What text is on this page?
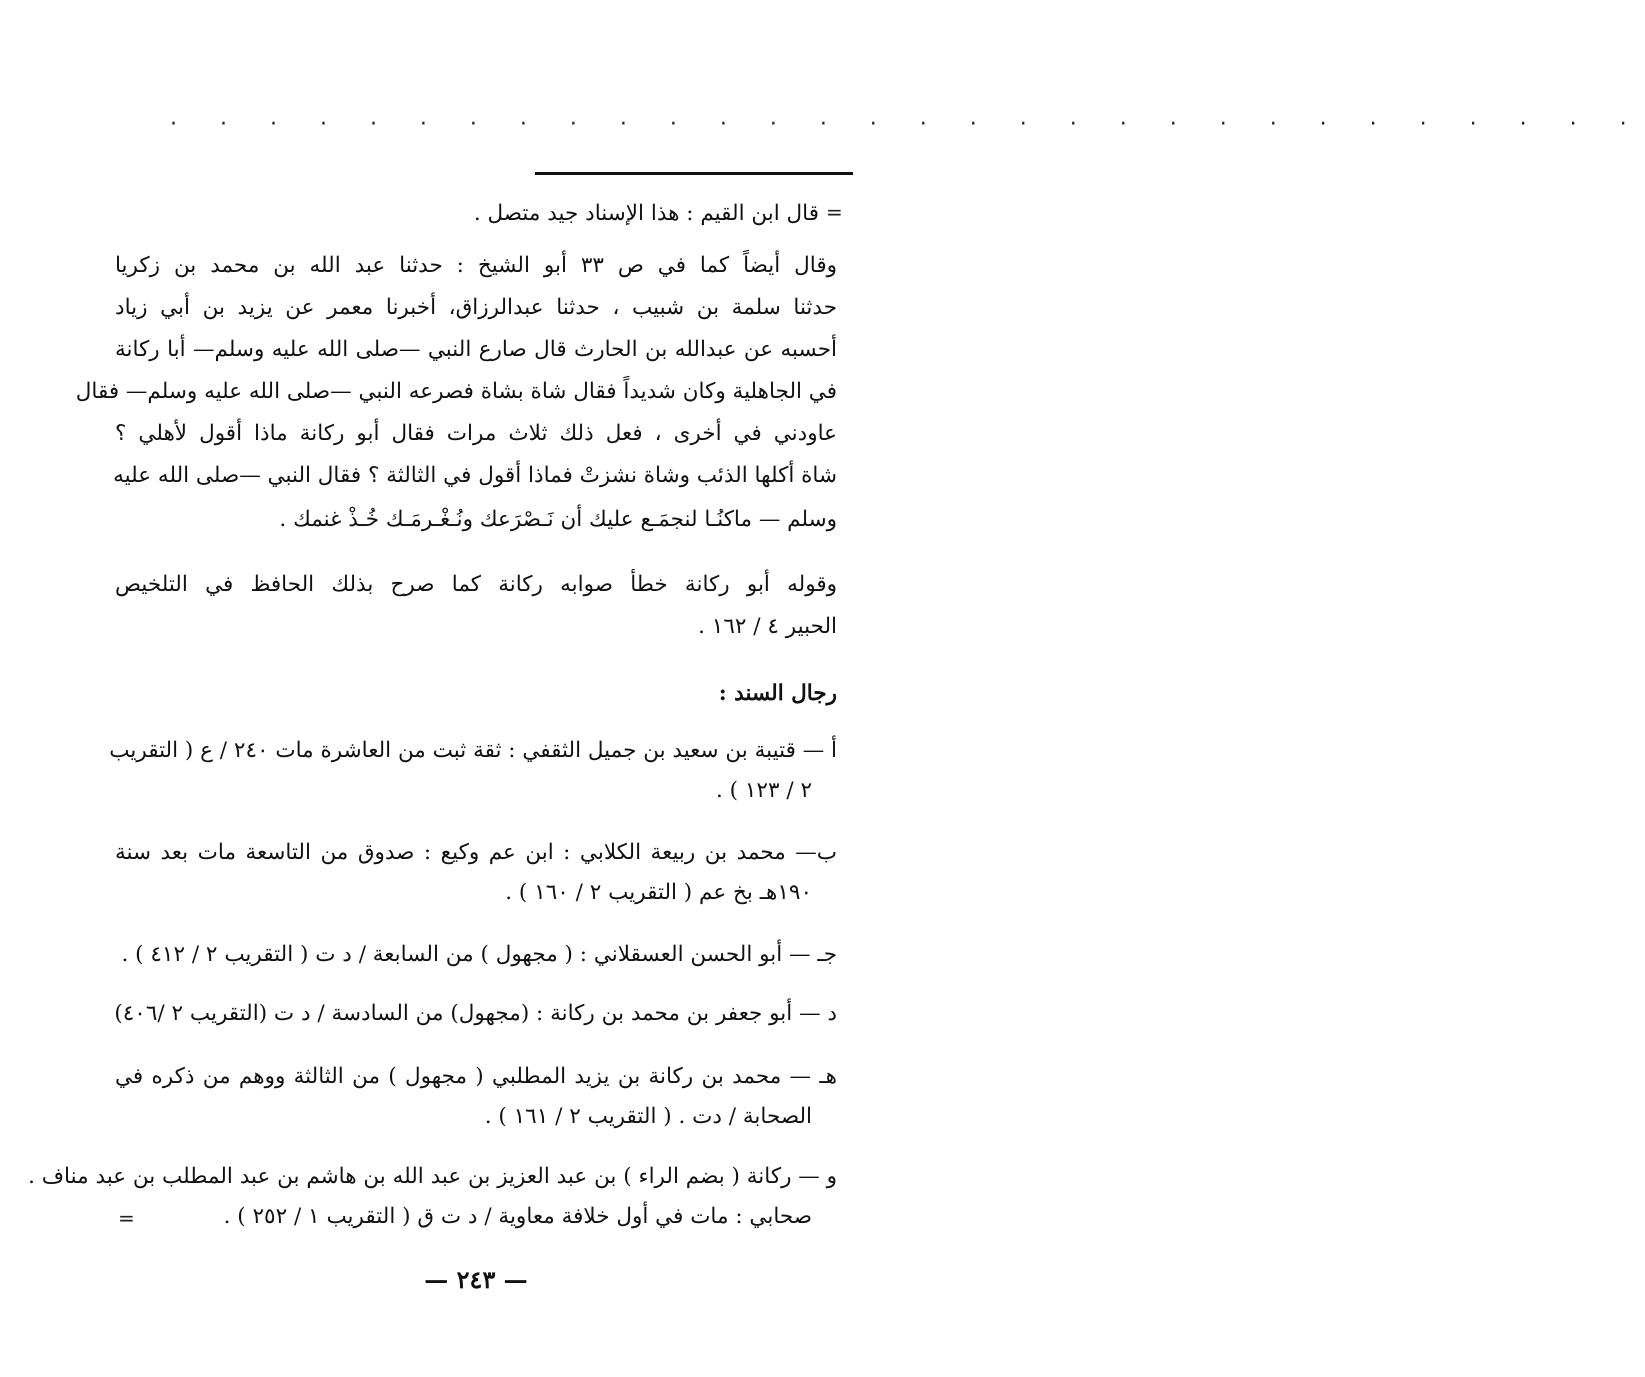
· · · · · · · · · · · · · · · · · · · · · · · · · · · · · ·
=
قال ابن القيم : هذا الإسناد جيد متصل .
وقال أيضاً كما في ص ٣٣ أبو الشيخ : حدثنا عبد الله بن محمد بن زكريا
حدثنا سلمة بن شبيب ، حدثنا عبدالرزاق، أخبرنا معمر عن يزيد بن أبي زياد
أحسبه عن عبدالله بن الحارث قال صارع النبي —صلى الله عليه وسلم— أبا ركانة
في الجاهلية وكان شديداً فقال شاة بشاة فصرعه النبي —صلى الله عليه وسلم— فقال
عاودني في أخرى ، فعل ذلك ثلاث مرات فقال أبو ركانة ماذا أقول لأهلي ؟
شاة أكلها الذئب وشاة نشزتْ فماذا أقول في الثالثة ؟ فقال النبي —صلى الله عليه
وسلم — ماكنُـا لنجمَـع عليك أن نَـصْرَعك ونُـغْـرمَـك خُـذْ غنمك .
وقوله أبو ركانة خطأ صوابه ركانة كما صرح بذلك الحافظ في التلخيص
الحبير ٤ / ١٦٢ .
رجال السند :
أ — قتيبة بن سعيد بن جميل الثقفي : ثقة ثبت من العاشرة مات ٢٤٠ / ع ( التقريب
٢ / ١٢٣ ) .
ب— محمد بن ربيعة الكلابي : ابن عم وكيع : صدوق من التاسعة مات بعد سنة
١٩٠هـ بخ عم ( التقريب ٢ / ١٦٠ ) .
جـ — أبو الحسن العسقلاني : ( مجهول ) من السابعة / د ت ( التقريب ٢ / ٤١٢ ) .
د — أبو جعفر بن محمد بن ركانة : (مجهول) من السادسة / د ت (التقريب ٢ /٤٠٦)
هـ — محمد بن ركانة بن يزيد المطلبي ( مجهول ) من الثالثة ووهم من ذكره في
الصحابة / دت . ( التقريب ٢ / ١٦١ ) .
و — ركانة ( بضم الراء ) بن عبد العزيز بن عبد الله بن هاشم بن عبد المطلب بن عبد مناف .
صحابي : مات في أول خلافة معاوية / د ت ق ( التقريب ١ / ٢٥٢ ) .
=
— ٢٤٣ —
